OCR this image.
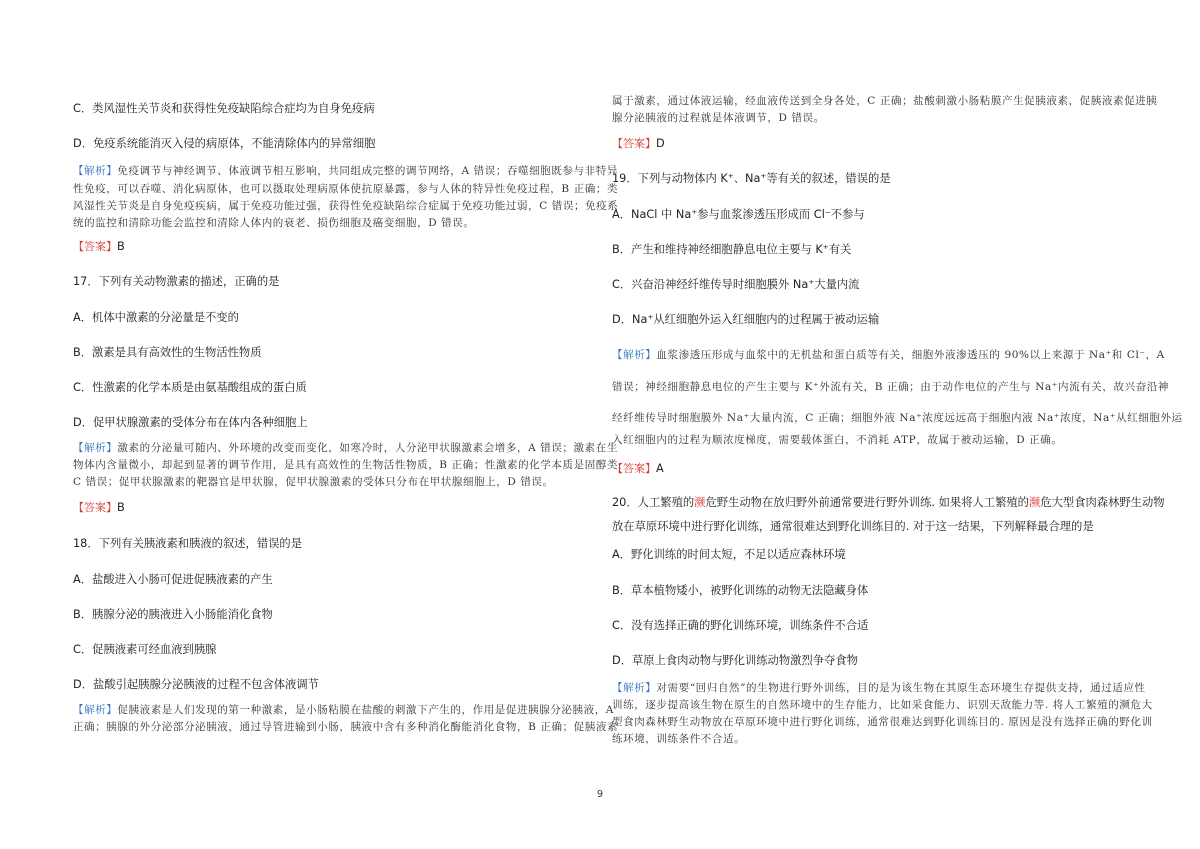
C．类风湿性关节炎和获得性免疫缺陷综合症均为自身免疫病
D．免疫系统能消灭入侵的病原体，不能清除体内的异常细胞
【解析】免疫调节与神经调节、体液调节相互影响，共同组成完整的调节网络，A 错误；吞噬细胞既参与非特异
性免疫，可以吞噬、消化病原体，也可以摄取处理病原体使抗原暴露，参与人体的特异性免疫过程，B 正确；类
风湿性关节炎是自身免疫疾病，属于免疫功能过强，获得性免疫缺陷综合症属于免疫功能过弱，C 错误；免疫系
统的监控和清除功能会监控和清除人体内的衰老、损伤细胞及癌变细胞，D 错误。
【答案】B
17．下列有关动物激素的描述，正确的是
A．机体中激素的分泌量是不变的
B．激素是具有高效性的生物活性物质
C．性激素的化学本质是由氨基酸组成的蛋白质
D．促甲状腺激素的受体分布在体内各种细胞上
【解析】激素的分泌量可随内、外环境的改变而变化，如寒冷时，人分泌甲状腺激素会增多，A 错误；激素在生
物体内含量微小，却起到显著的调节作用，是具有高效性的生物活性物质，B 正确；性激素的化学本质是固醇类，
C 错误；促甲状腺激素的靶器官是甲状腺，促甲状腺激素的受体只分布在甲状腺细胞上，D 错误。
【答案】B
18．下列有关胰液素和胰液的叙述，错误的是
A．盐酸进入小肠可促进促胰液素的产生
B．胰腺分泌的胰液进入小肠能消化食物
C．促胰液素可经血液到胰腺
D．盐酸引起胰腺分泌胰液的过程不包含体液调节
【解析】促胰液素是人们发现的第一种激素，是小肠粘膜在盐酸的刺激下产生的，作用是促进胰腺分泌胰液，A
正确；胰腺的外分泌部分泌胰液，通过导管进输到小肠，胰液中含有多种消化酶能消化食物，B 正确；促胰液素
属于激素，通过体液运输，经血液传送到全身各处，C 正确；盐酸刺激小肠粘膜产生促胰液素，促胰液素促进胰
腺分泌胰液的过程就是体液调节，D 错误。
【答案】D
19．下列与动物体内 K⁺、Na⁺等有关的叙述，错误的是
A．NaCl 中 Na⁺参与血浆渗透压形成而 Cl⁻不参与
B．产生和维持神经细胞静息电位主要与 K⁺有关
C．兴奋沿神经纤维传导时细胞膜外 Na⁺大量内流
D．Na⁺从红细胞外运入红细胞内的过程属于被动运输
【解析】血浆渗透压形成与血浆中的无机盐和蛋白质等有关，细胞外液渗透压的 90%以上来源于 Na⁺和 Cl⁻，A
错误；神经细胞静息电位的产生主要与 K⁺外流有关，B 正确；由于动作电位的产生与 Na⁺内流有关，故兴奋沿神
经纤维传导时细胞膜外 Na⁺大量内流，C 正确；细胞外液 Na⁺浓度远远高于细胞内液 Na⁺浓度，Na⁺从红细胞外运
入红细胞内的过程为顺浓度梯度，需要载体蛋白，不消耗 ATP，故属于被动运输，D 正确。
【答案】A
20．人工繁殖的濒危野生动物在放归野外前通常要进行野外训练. 如果将人工繁殖的濒危大型食肉森林野生动物
放在草原环境中进行野化训练，通常很难达到野化训练目的. 对于这一结果，下列解释最合理的是
A．野化训练的时间太短，不足以适应森林环境
B．草本植物矮小，被野化训练的动物无法隐藏身体
C．没有选择正确的野化训练环境，训练条件不合适
D．草原上食肉动物与野化训练动物激烈争夺食物
【解析】对需要“回归自然”的生物进行野外训练，目的是为该生物在其原生态环境生存提供支持，通过适应性
训练，逐步提高该生物在原生的自然环境中的生存能力，比如采食能力、识别天敌能力等. 将人工繁殖的濒危大
型食肉森林野生动物放在草原环境中进行野化训练，通常很难达到野化训练目的. 原因是没有选择正确的野化训
练环境，训练条件不合适。
9
